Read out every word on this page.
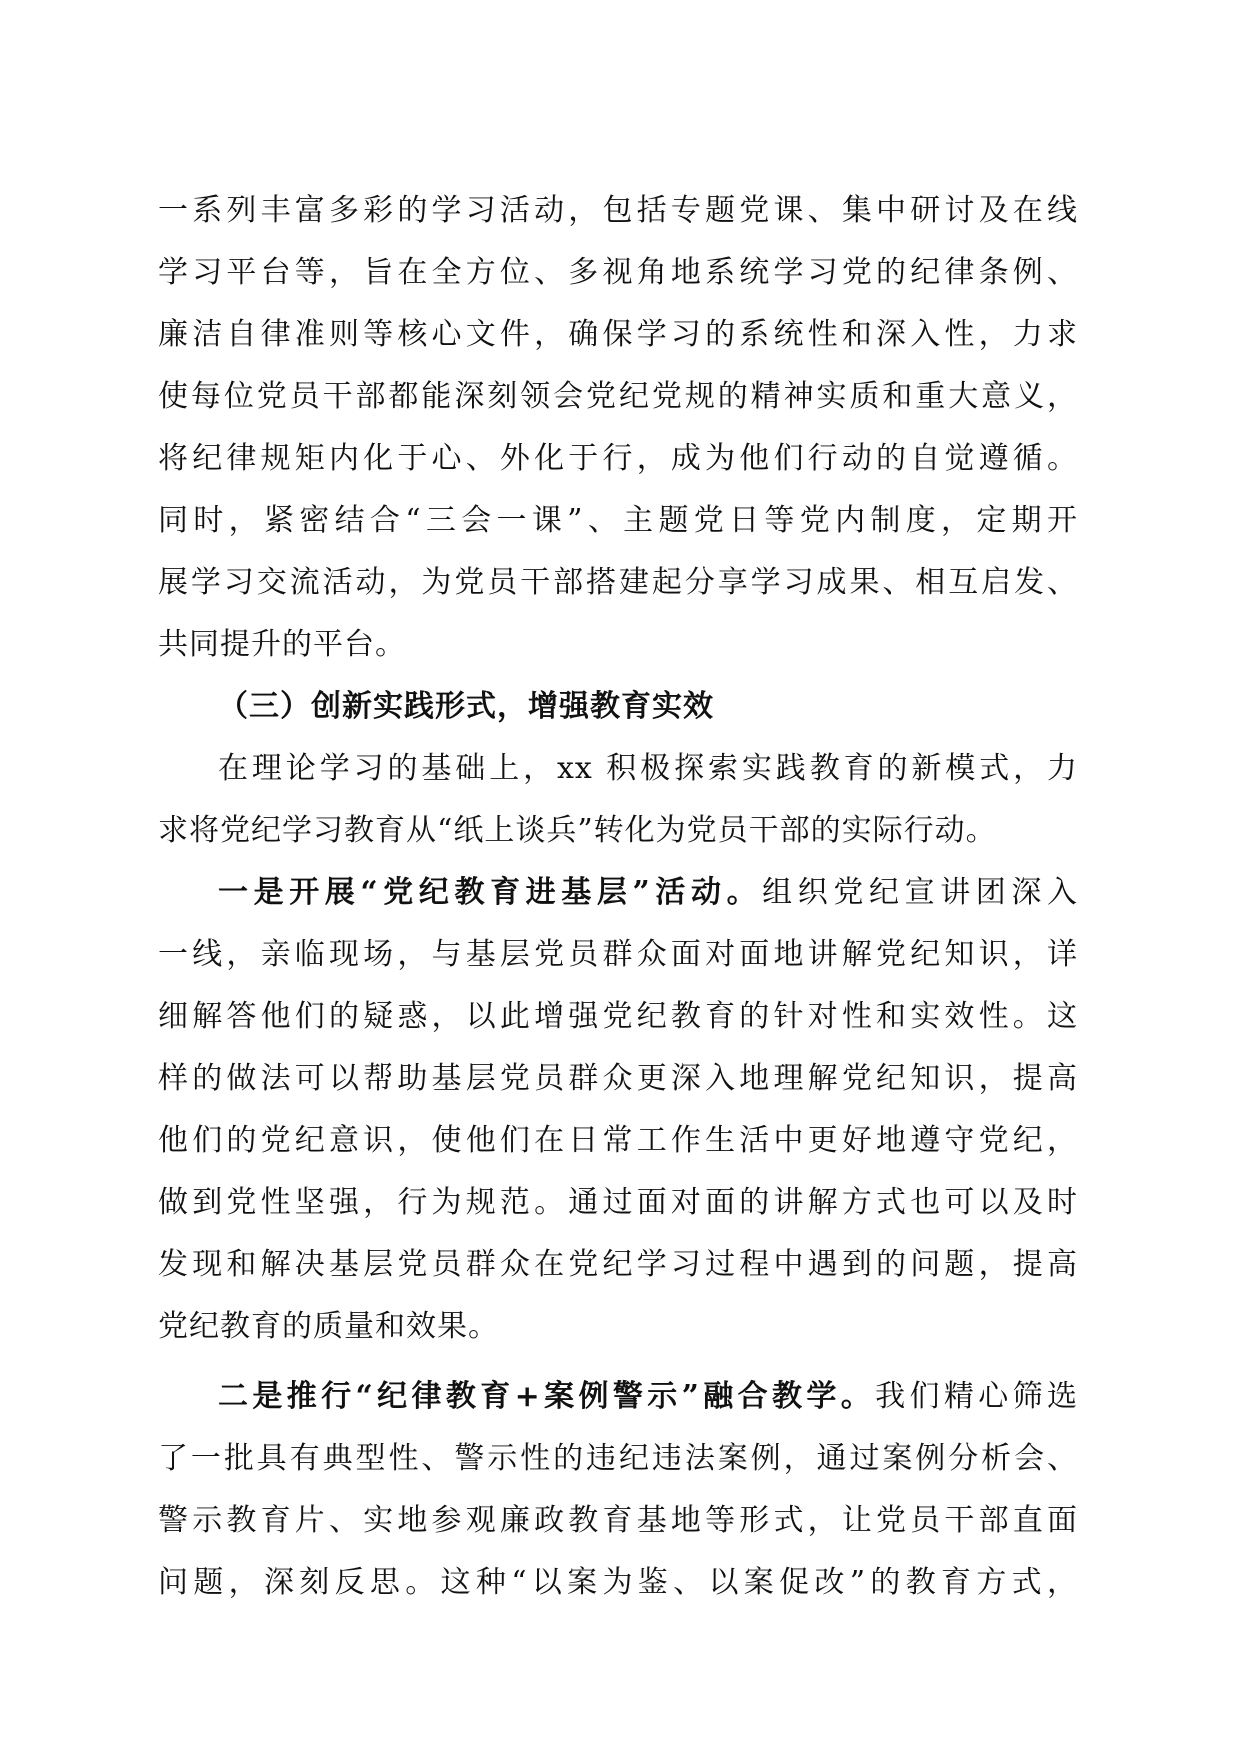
一系列丰富多彩的学习活动，包括专题党课、集中研讨及在线
学习平台等，旨在全方位、多视角地系统学习党的纪律条例、
廉洁自律准则等核心文件，确保学习的系统性和深入性，力求
使每位党员干部都能深刻领会党纪党规的精神实质和重大意义，
将纪律规矩内化于心、外化于行，成为他们行动的自觉遵循。
同时，紧密结合“三会一课”、主题党日等党内制度，定期开
展学习交流活动，为党员干部搭建起分享学习成果、相互启发、
共同提升的平台。
（三）创新实践形式，增强教育实效
在理论学习的基础上，xx 积极探索实践教育的新模式，力
求将党纪学习教育从“纸上谈兵”转化为党员干部的实际行动。
一是开展“党纪教育进基层”活动。组织党纪宣讲团深入
一线，亲临现场，与基层党员群众面对面地讲解党纪知识，详
细解答他们的疑惑，以此增强党纪教育的针对性和实效性。这
样的做法可以帮助基层党员群众更深入地理解党纪知识，提高
他们的党纪意识，使他们在日常工作生活中更好地遵守党纪，
做到党性坚强，行为规范。通过面对面的讲解方式也可以及时
发现和解决基层党员群众在党纪学习过程中遇到的问题，提高
党纪教育的质量和效果。
二是推行“纪律教育+案例警示”融合教学。我们精心筛选
了一批具有典型性、警示性的违纪违法案例，通过案例分析会、
警示教育片、实地参观廉政教育基地等形式，让党员干部直面
问题，深刻反思。这种“以案为鉴、以案促改”的教育方式，
